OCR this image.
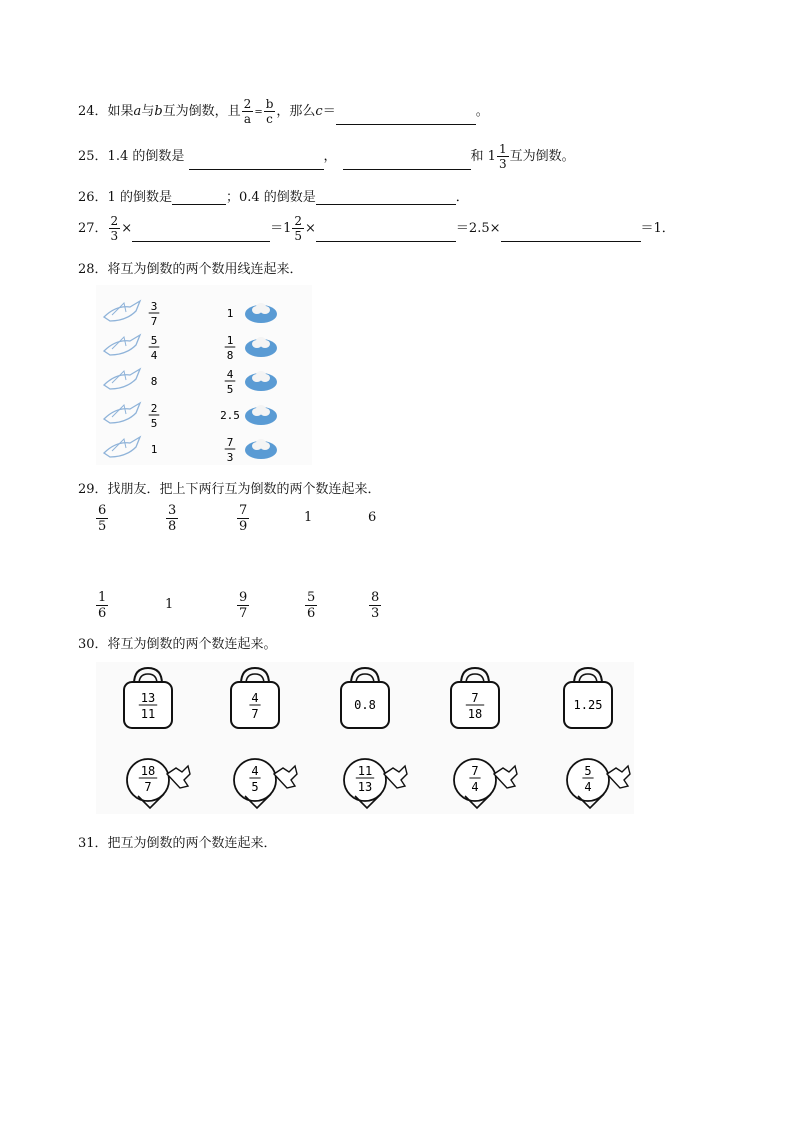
24．如果a与b互为倒数，且 $\frac{2}{a} = \frac{b}{c}$ ，那么c＝	。
25．1.4 的倒数是	，	和 $1 \frac{1}{3}$ 互为倒数。
26．1 的倒数是	；0.4 的倒数是	．
27． $\frac{2}{3}$ ×	$=1 \frac{2}{5}$ ×	＝2.5×	＝1．
28．将互为倒数的两个数用线连起来．
3
7
5
4
8
2
5
1
1
1
8
4
5
2.5
7
3
29．找朋友．把上下两行互为倒数的两个数连起来．
$\frac{6}{5}$	$\frac{3}{8}$	$\frac{7}{9}$	1	6
$\frac{1}{6}$	1	$\frac{9}{7}$	$\frac{5}{6}$	$\frac{8}{3}$
30．将互为倒数的两个数连起来。
13
11
4
7
0.8
7
18
1.25
18
7
4
5
11
13
7
4
5
4
31．把互为倒数的两个数连起来．
